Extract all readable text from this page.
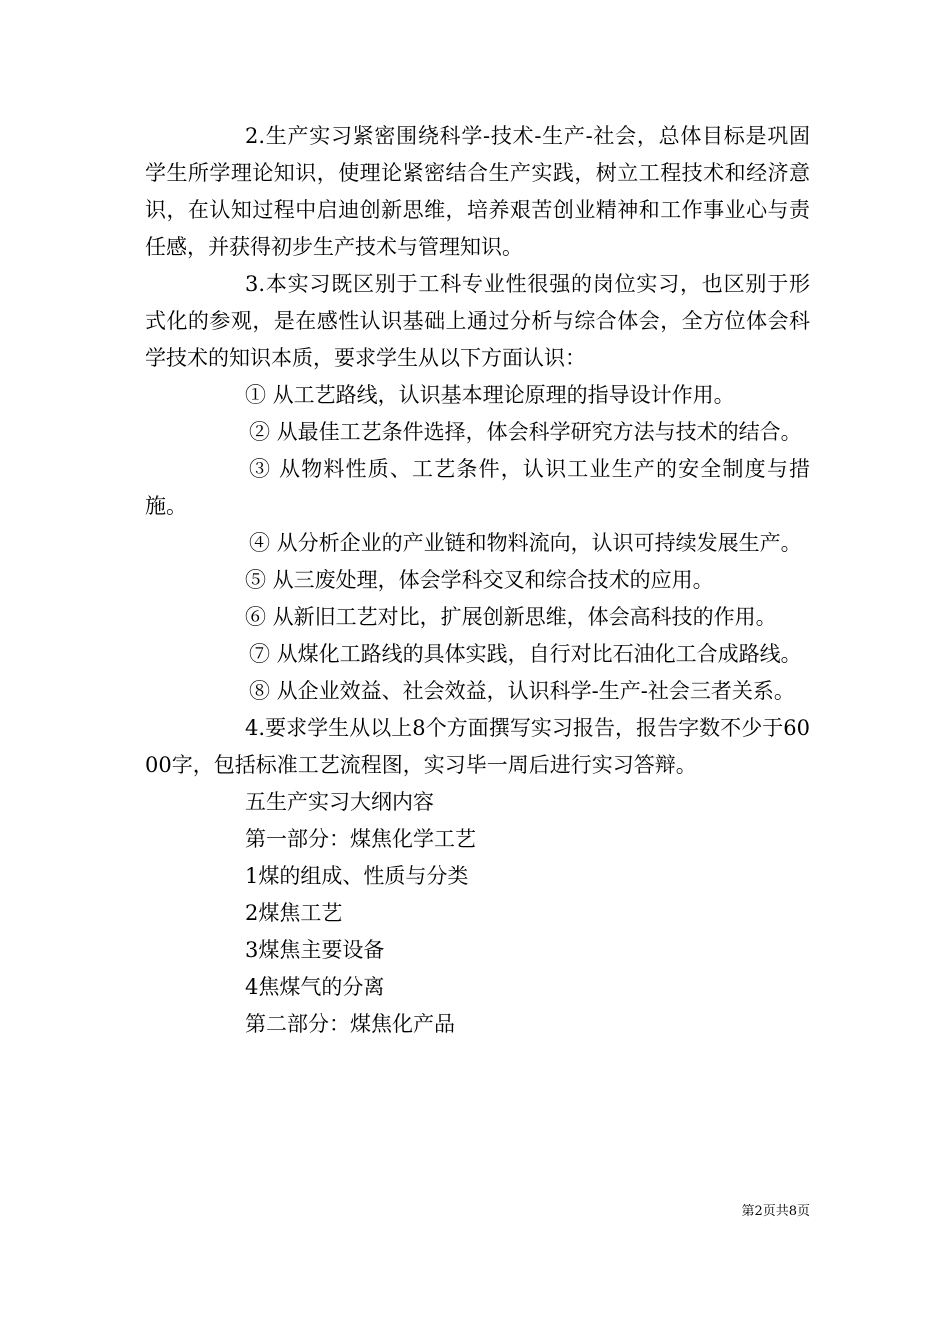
2.生产实习紧密围绕科学-技术-生产-社会，总体目标是巩固学生所学理论知识，使理论紧密结合生产实践，树立工程技术和经济意识，在认知过程中启迪创新思维，培养艰苦创业精神和工作事业心与责任感，并获得初步生产技术与管理知识。

3.本实习既区别于工科专业性很强的岗位实习，也区别于形式化的参观，是在感性认识基础上通过分析与综合体会，全方位体会科学技术的知识本质，要求学生从以下方面认识：

① 从工艺路线，认识基本理论原理的指导设计作用。

② 从最佳工艺条件选择，体会科学研究方法与技术的结合。

③ 从物料性质、工艺条件，认识工业生产的安全制度与措施。

④ 从分析企业的产业链和物料流向，认识可持续发展生产。

⑤ 从三废处理，体会学科交叉和综合技术的应用。

⑥ 从新旧工艺对比，扩展创新思维，体会高科技的作用。

⑦ 从煤化工路线的具体实践，自行对比石油化工合成路线。

⑧ 从企业效益、社会效益，认识科学-生产-社会三者关系。

4.要求学生从以上8个方面撰写实习报告，报告字数不少于6000字，包括标准工艺流程图，实习毕一周后进行实习答辩。

五生产实习大纲内容

第一部分：煤焦化学工艺

1煤的组成、性质与分类

2煤焦工艺

3煤焦主要设备

4焦煤气的分离

第二部分：煤焦化产品

第2页共8页
